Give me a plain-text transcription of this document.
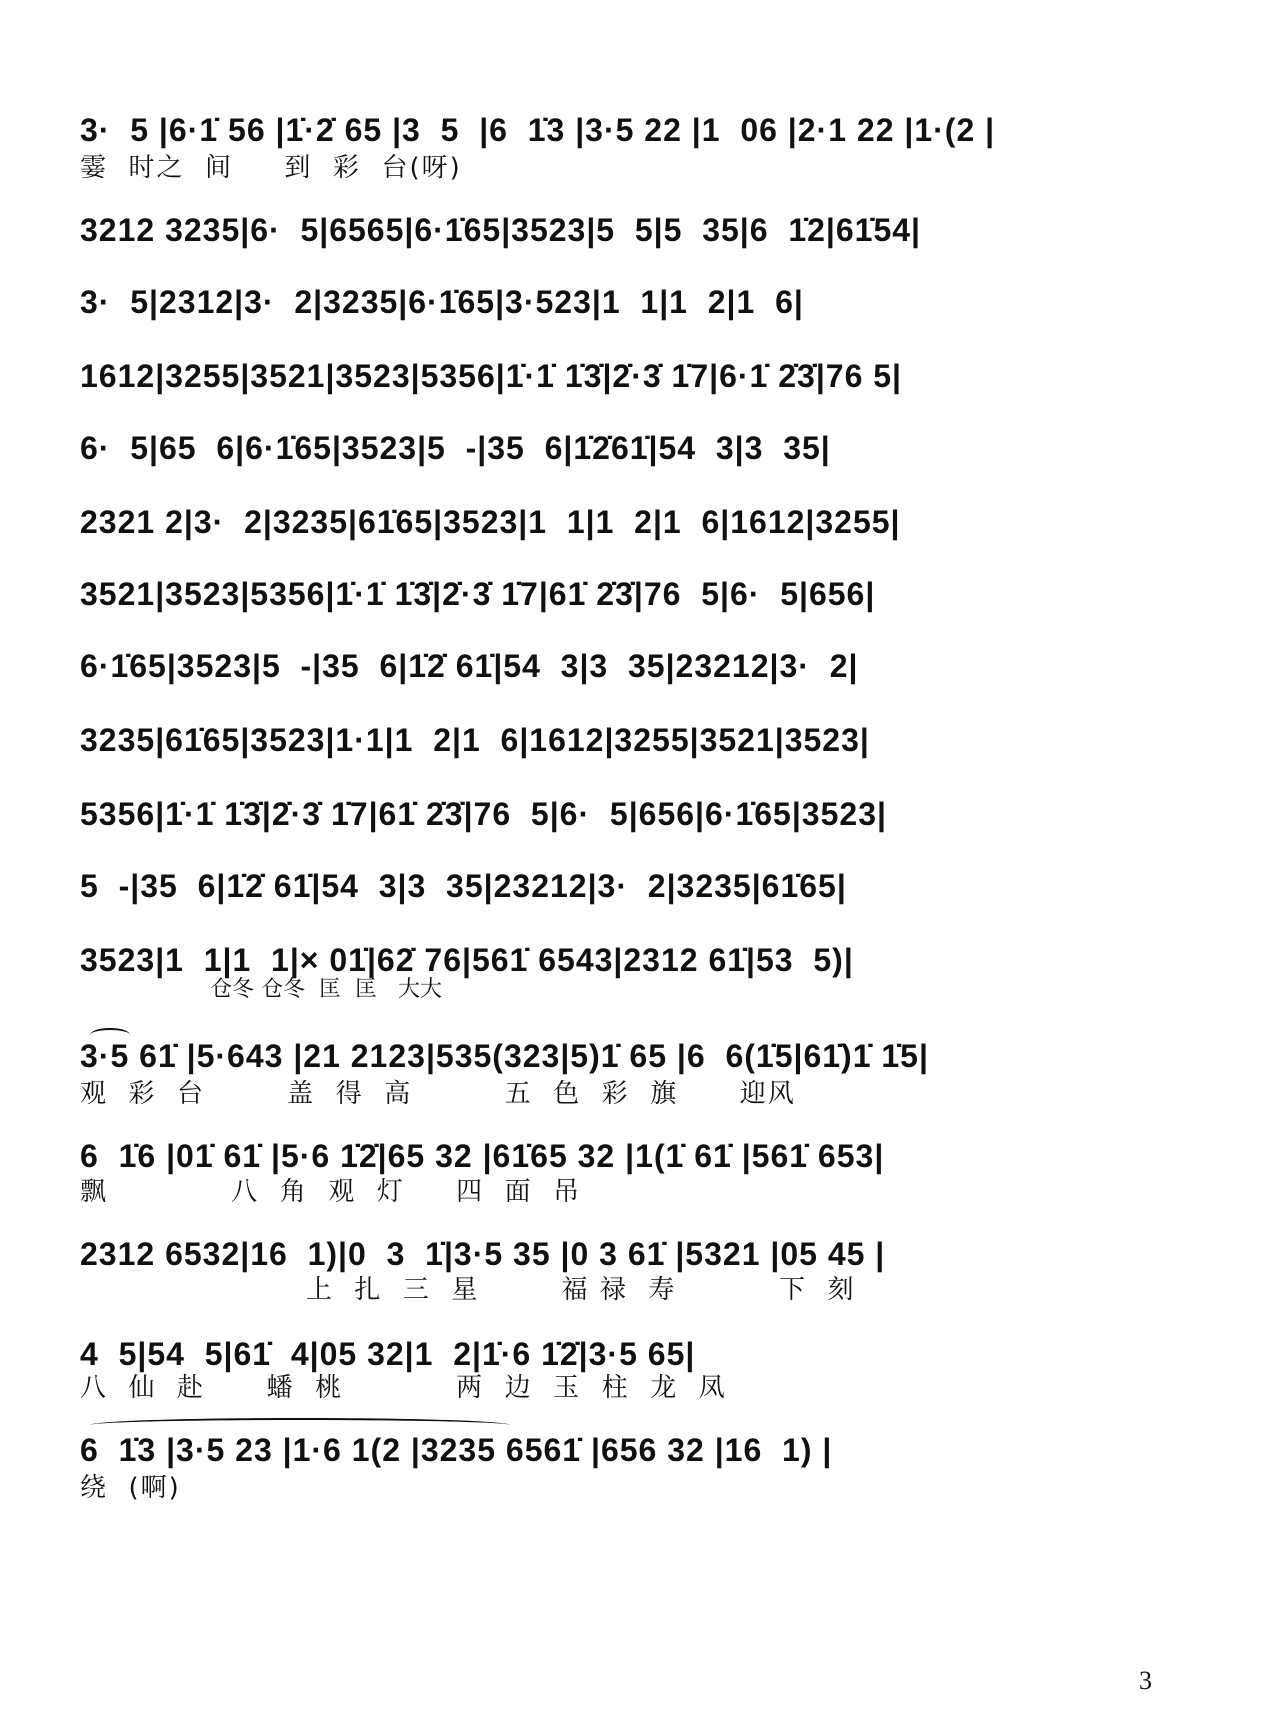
3·  5 |6·1̇ 56 |1̇·2̇ 65 |3  5  |6  1̇3 |3·5 22 |1  06 |2·1 22 |1·(2 |
霎  时之  间     到  彩  台(呀)
3212 3235|6·  5|6565|6·1̇65|3523|5  5|5  35|6  1̇2|61̇54|
3·  5|2312|3·  2|3235|6·1̇65|3·523|1  1|1  2|1  6|
1612|3255|3521|3523|5356|1̇·1̇ 1̇3̇|2̇·3̇ 1̇7|6·1̇ 2̇3̇|76 5|
6·  5|65  6|6·1̇65|3523|5  -|35  6|1̇2̇61̇|54  3|3  35|
2321 2|3·  2|3235|61̇65|3523|1  1|1  2|1  6|1612|3255|
3521|3523|5356|1̇·1̇ 1̇3̇|2̇·3̇ 1̇7|61̇ 2̇3̇|76  5|6·  5|656|
6·1̇65|3523|5  -|35  6|1̇2̇ 61̇|54  3|3  35|23212|3·  2|
3235|61̇65|3523|1·1|1  2|1  6|1612|3255|3521|3523|
5356|1̇·1̇ 1̇3̇|2̇·3̇ 1̇7|61̇ 2̇3̇|76  5|6·  5|656|6·1̇65|3523|
5  -|35  6|1̇2̇ 61̇|54  3|3  35|23212|3·  2|3235|61̇65|
3523|1  1|1  1|× 01̇|62̇ 76|561̇ 6543|2312 61̇|53  5)|
仓冬 仓冬  匡  匡   大大
3·5 61̇ |5·643 |21 2123|535(323|5)1̇ 65 |6  6(1̇5|61̇)1̇ 1̇5|
观  彩  台        盖  得  高         五  色  彩  旗      迎风
6  1̇6 |01̇ 61̇ |5·6 1̇2̇|65 32 |61̇65 32 |1(1̇ 61̇ |561̇ 653|
飘            八  角  观  灯     四  面  吊
2312 6532|16  1)|0  3  1̇|3·5 35 |0 3 61̇ |5321 |05 45 |
上  扎  三  星        福 禄  寿          下  刻
4  5|54  5|61̇  4|05 32|1  2|1̇·6 1̇2̇|3·5 65|
八  仙  赴      蟠  桃           两  边  玉  柱  龙  凤
6  1̇3 |3·5 23 |1·6 1(2 |3235 6561̇ |656 32 |16  1) |
绕  (啊)
3
